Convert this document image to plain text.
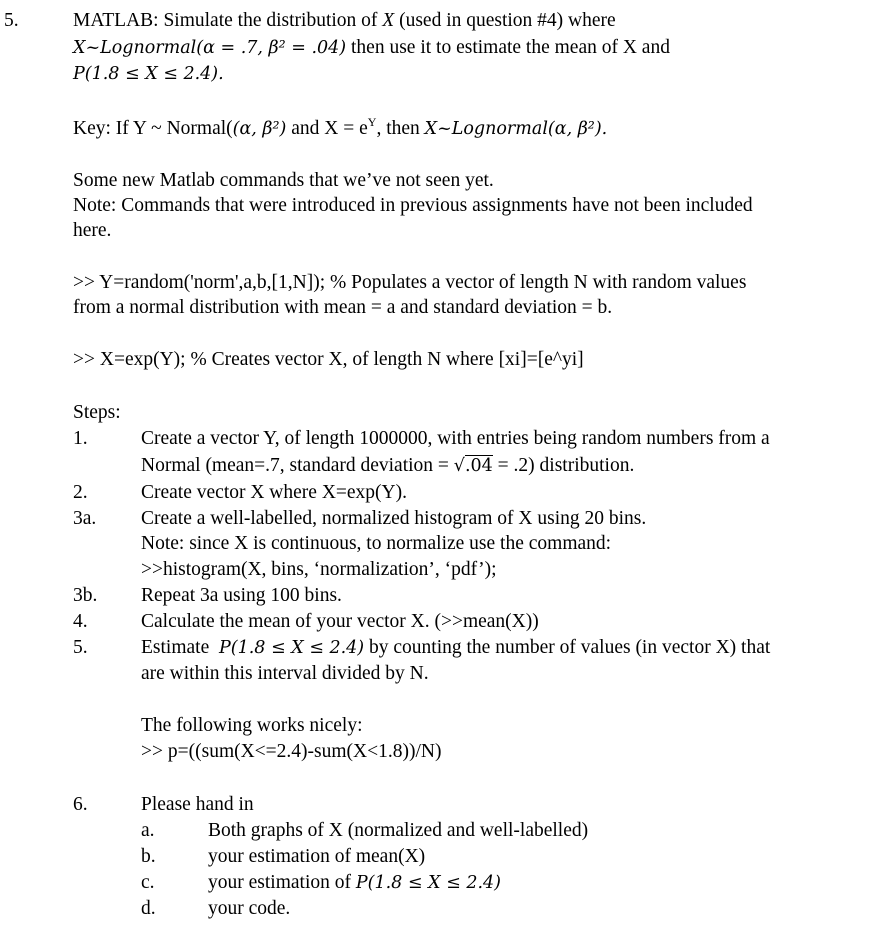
5.	MATLAB: Simulate the distribution of X (used in question #4) where
X~Lognormal(α = .7, β² = .04) then use it to estimate the mean of X and
P(1.8 ≤ X ≤ 2.4).
Key: If Y ~ Normal((α, β²) and $X = e^Y$, then X~Lognormal(α, β²).
Some new Matlab commands that we’ve not seen yet.
Note: Commands that were introduced in previous assignments have not been included
here.
>> Y=random('norm',a,b,[1,N]); % Populates a vector of length N with random values
from a normal distribution with mean = a and standard deviation = b.
>> X=exp(Y); % Creates vector X, of length N where [xi]=[e^yi]
Steps:
1.	Create a vector Y, of length 1000000, with entries being random numbers from a
Normal (mean=.7, standard deviation = √.04 = .2) distribution.
2.	Create vector X where X=exp(Y).
3a. Create a well-labelled, normalized histogram of X using 20 bins.
Note: since X is continuous, to normalize use the command:
>>histogram(X, bins, ‘normalization’, ‘pdf’);
3b. Repeat 3a using 100 bins.
4.	Calculate the mean of your vector X. (>>mean(X))
5.	Estimate  P(1.8 ≤ X ≤ 2.4) by counting the number of values (in vector X) that
are within this interval divided by N.
The following works nicely:
>> p=((sum(X<=2.4)-sum(X<1.8))/N)
6.	Please hand in
a.	Both graphs of X (normalized and well-labelled)
b.	your estimation of mean(X)
c.	your estimation of P(1.8 ≤ X ≤ 2.4)
d.	your code.
